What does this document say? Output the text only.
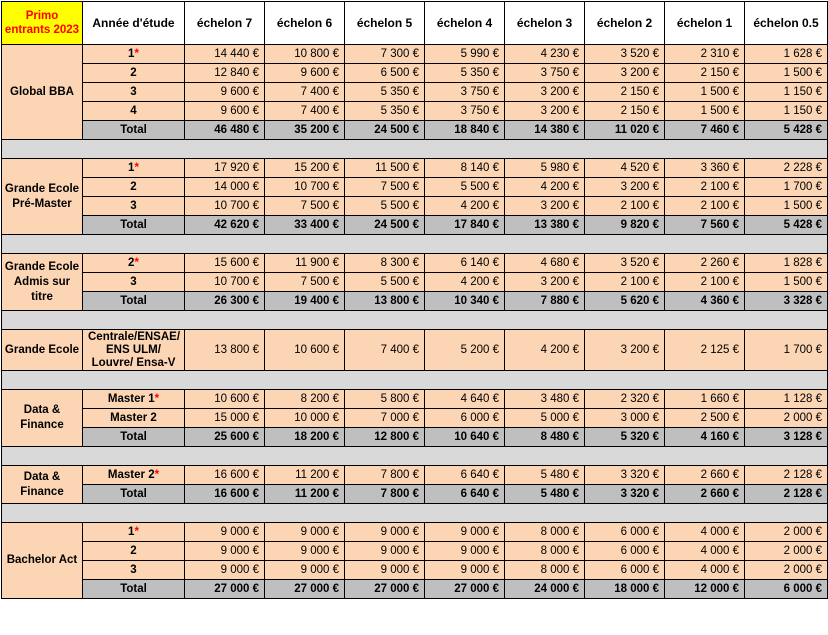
Primo entrants 2023	Année d'étude	échelon 7	échelon 6	échelon 5	échelon 4	échelon 3	échelon 2	échelon 1	échelon 0.5
Global BBA	1*	14 440 €	10 800 €	7 300 €	5 990 €	4 230 €	3 520 €	2 310 €	1 628 €
	2	12 840 €	9 600 €	6 500 €	5 350 €	3 750 €	3 200 €	2 150 €	1 500 €
	3	9 600 €	7 400 €	5 350 €	3 750 €	3 200 €	2 150 €	1 500 €	1 150 €
	4	9 600 €	7 400 €	5 350 €	3 750 €	3 200 €	2 150 €	1 500 €	1 150 €
	Total	46 480 €	35 200 €	24 500 €	18 840 €	14 380 €	11 020 €	7 460 €	5 428 €

Grande Ecole Pré-Master	1*	17 920 €	15 200 €	11 500 €	8 140 €	5 980 €	4 520 €	3 360 €	2 228 €
	2	14 000 €	10 700 €	7 500 €	5 500 €	4 200 €	3 200 €	2 100 €	1 700 €
	3	10 700 €	7 500 €	5 500 €	4 200 €	3 200 €	2 100 €	2 100 €	1 500 €
	Total	42 620 €	33 400 €	24 500 €	17 840 €	13 380 €	9 820 €	7 560 €	5 428 €

Grande Ecole Admis sur titre	2*	15 600 €	11 900 €	8 300 €	6 140 €	4 680 €	3 520 €	2 260 €	1 828 €
	3	10 700 €	7 500 €	5 500 €	4 200 €	3 200 €	2 100 €	2 100 €	1 500 €
	Total	26 300 €	19 400 €	13 800 €	10 340 €	7 880 €	5 620 €	4 360 €	3 328 €

Grande Ecole	Centrale/ENSAE/ ENS ULM/ Louvre/ Ensa-V	13 800 €	10 600 €	7 400 €	5 200 €	4 200 €	3 200 €	2 125 €	1 700 €

Data & Finance	Master 1*	10 600 €	8 200 €	5 800 €	4 640 €	3 480 €	2 320 €	1 660 €	1 128 €
	Master 2	15 000 €	10 000 €	7 000 €	6 000 €	5 000 €	3 000 €	2 500 €	2 000 €
	Total	25 600 €	18 200 €	12 800 €	10 640 €	8 480 €	5 320 €	4 160 €	3 128 €

Data & Finance	Master 2*	16 600 €	11 200 €	7 800 €	6 640 €	5 480 €	3 320 €	2 660 €	2 128 €
	Total	16 600 €	11 200 €	7 800 €	6 640 €	5 480 €	3 320 €	2 660 €	2 128 €

Bachelor Act	1*	9 000 €	9 000 €	9 000 €	9 000 €	8 000 €	6 000 €	4 000 €	2 000 €
	2	9 000 €	9 000 €	9 000 €	9 000 €	8 000 €	6 000 €	4 000 €	2 000 €
	3	9 000 €	9 000 €	9 000 €	9 000 €	8 000 €	6 000 €	4 000 €	2 000 €
	Total	27 000 €	27 000 €	27 000 €	27 000 €	24 000 €	18 000 €	12 000 €	6 000 €
